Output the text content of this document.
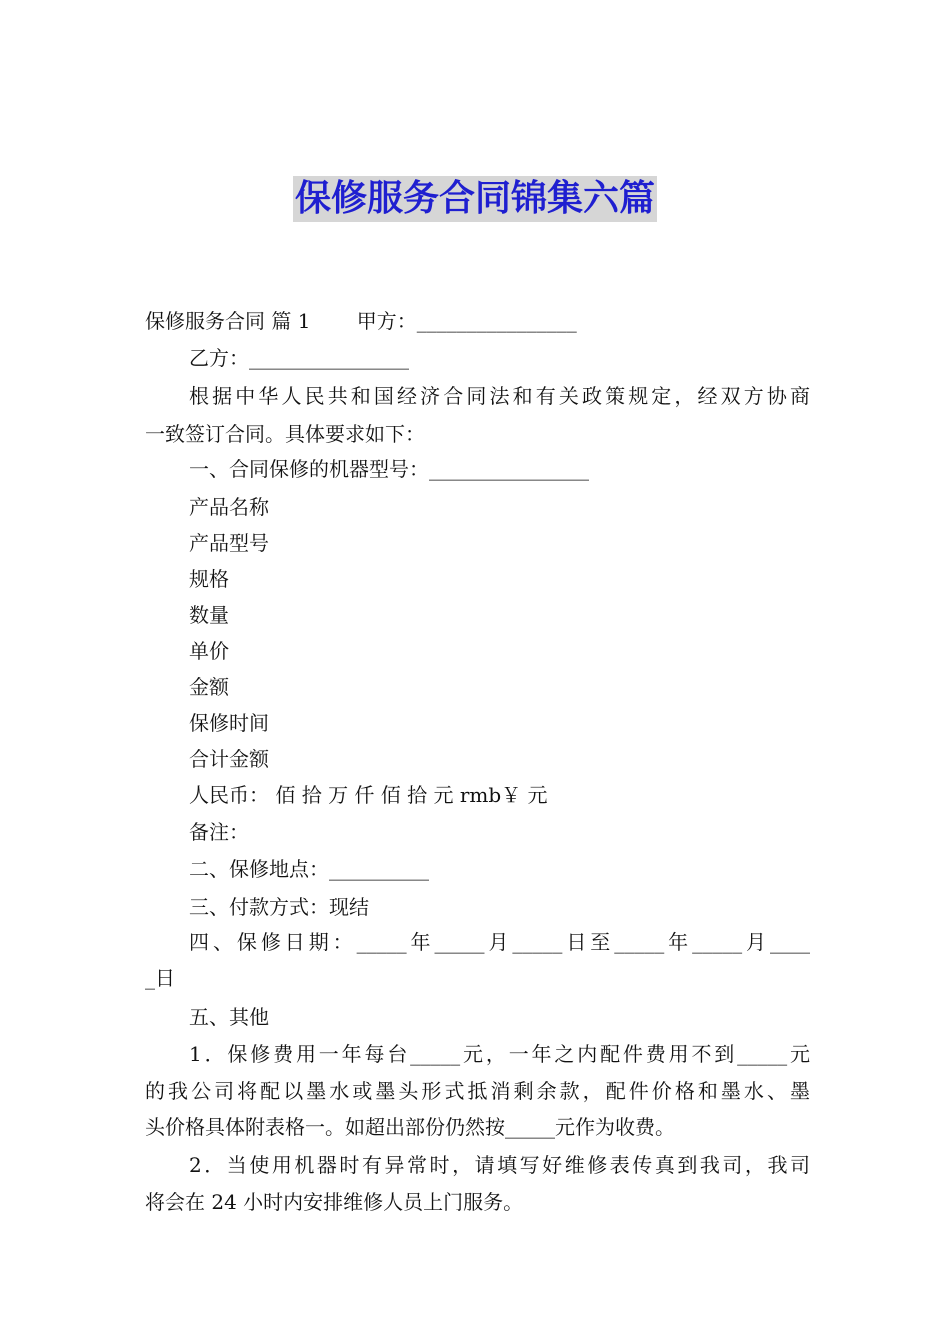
保修服务合同锦集六篇
保修服务合同 篇 1　　 甲方：________________
乙方：________________
根据中华人民共和国经济合同法和有关政策规定，经双方协商
一致签订合同。具体要求如下：
一、合同保修的机器型号：________________
产品名称
产品型号
规格
数量
单价
金额
保修时间
合计金额
人民币： 佰 拾 万 仟 佰 拾 元 rmb￥ 元
备注：
二、保修地点：__________
三、付款方式：现结
四、保修日期：_____年_____月_____日至_____年_____月____
_日
五、其他
1．保修费用一年每台_____元，一年之内配件费用不到_____元
的我公司将配以墨水或墨头形式抵消剩余款，配件价格和墨水、墨
头价格具体附表格一。如超出部份仍然按_____元作为收费。
2．当使用机器时有异常时，请填写好维修表传真到我司，我司
将会在 24 小时内安排维修人员上门服务。
